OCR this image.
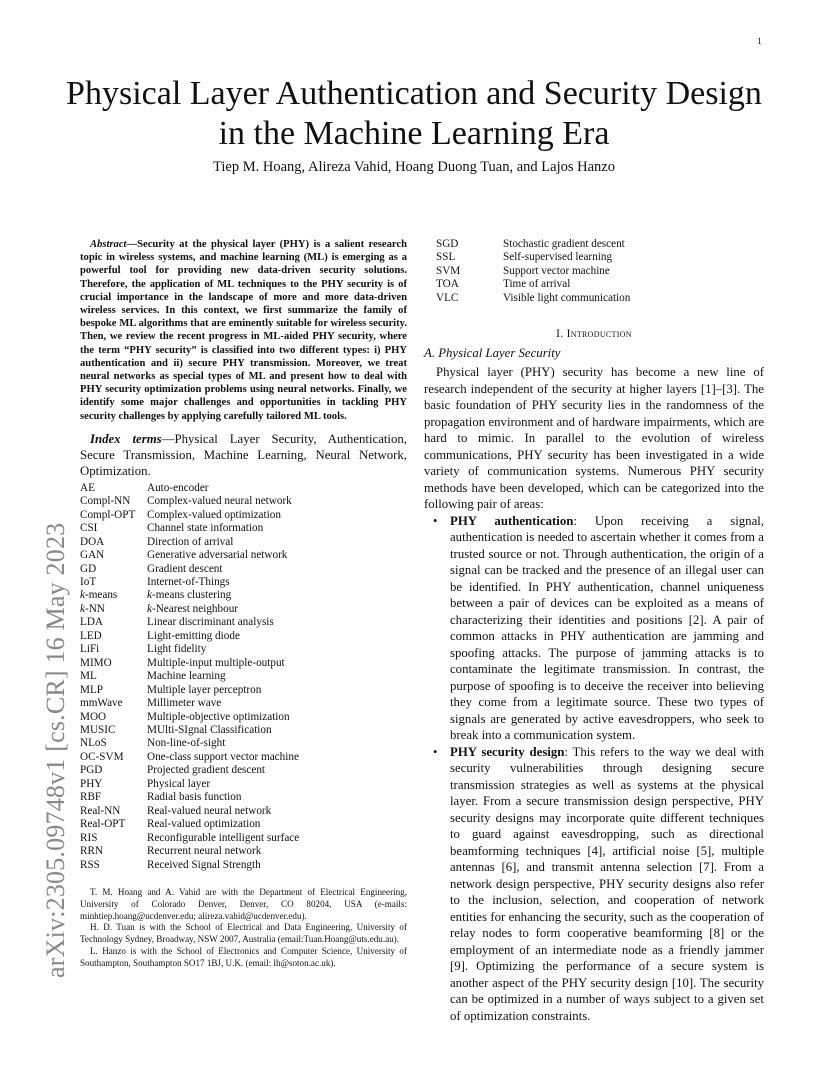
1
arXiv:2305.09748v1 [cs.CR] 16 May 2023
Physical Layer Authentication and Security Design
in the Machine Learning Era
Tiep M. Hoang, Alireza Vahid, Hoang Duong Tuan, and Lajos Hanzo

Abstract—Security at the physical layer (PHY) is a salient research topic in wireless systems, and machine learning (ML) is emerging as a powerful tool for providing new data-driven security solutions. Therefore, the application of ML techniques to the PHY security is of crucial importance in the landscape of more and more data-driven wireless services. In this context, we first summarize the family of bespoke ML algorithms that are eminently suitable for wireless security. Then, we review the recent progress in ML-aided PHY security, where the term “PHY security” is classified into two different types: i) PHY authentication and ii) secure PHY transmission. Moreover, we treat neural networks as special types of ML and present how to deal with PHY security optimization problems using neural networks. Finally, we identify some major challenges and opportunities in tackling PHY security challenges by applying carefully tailored ML tools.

Index terms—Physical Layer Security, Authentication, Secure Transmission, Machine Learning, Neural Network, Optimization.

AE	Auto-encoder
Compl-NN	Complex-valued neural network
Compl-OPT	Complex-valued optimization
CSI	Channel state information
DOA	Direction of arrival
GAN	Generative adversarial network
GD	Gradient descent
IoT	Internet-of-Things
k-means	k-means clustering
k-NN	k-Nearest neighbour
LDA	Linear discriminant analysis
LED	Light-emitting diode
LiFi	Light fidelity
MIMO	Multiple-input multiple-output
ML	Machine learning
MLP	Multiple layer perceptron
mmWave	Millimeter wave
MOO	Multiple-objective optimization
MUSIC	MUlti-SIgnal Classification
NLoS	Non-line-of-sight
OC-SVM	One-class support vector machine
PGD	Projected gradient descent
PHY	Physical layer
RBF	Radial basis function
Real-NN	Real-valued neural network
Real-OPT	Real-valued optimization
RIS	Reconfigurable intelligent surface
RRN	Recurrent neural network
RSS	Received Signal Strength

T. M. Hoang and A. Vahid are with the Department of Electrical Engineering, University of Colorado Denver, Denver, CO 80204, USA (e-mails: minhtiep.hoang@ucdenver.edu; alireza.vahid@ucdenver.edu).

H. D. Tuan is with the School of Electrical and Data Engineering, University of Technology Sydney, Broadway, NSW 2007, Australia (email:Tuan.Hoang@uts.edu.au).

L. Hanzo is with the School of Electronics and Computer Science, University of Southampton, Southampton SO17 1BJ, U.K. (email: lh@soton.ac.uk).

SGD	Stochastic gradient descent
SSL	Self-supervised learning
SVM	Support vector machine
TOA	Time of arrival
VLC	Visible light communication
I. Introduction
A. Physical Layer Security

Physical layer (PHY) security has become a new line of research independent of the security at higher layers [1]–[3]. The basic foundation of PHY security lies in the randomness of the propagation environment and of hardware impairments, which are hard to mimic. In parallel to the evolution of wireless communications, PHY security has been investigated in a wide variety of communication systems. Numerous PHY security methods have been developed, which can be categorized into the following pair of areas:

• PHY authentication: Upon receiving a signal, authentication is needed to ascertain whether it comes from a trusted source or not. Through authentication, the origin of a signal can be tracked and the presence of an illegal user can be identified. In PHY authentication, channel uniqueness between a pair of devices can be exploited as a means of characterizing their identities and positions [2]. A pair of common attacks in PHY authentication are jamming and spoofing attacks. The purpose of jamming attacks is to contaminate the legitimate transmission. In contrast, the purpose of spoofing is to deceive the receiver into believing they come from a legitimate source. These two types of signals are generated by active eavesdroppers, who seek to break into a communication system.
• PHY security design: This refers to the way we deal with security vulnerabilities through designing secure transmission strategies as well as systems at the physical layer. From a secure transmission design perspective, PHY security designs may incorporate quite different techniques to guard against eavesdropping, such as directional beamforming techniques [4], artificial noise [5], multiple antennas [6], and transmit antenna selection [7]. From a network design perspective, PHY security designs also refer to the inclusion, selection, and cooperation of network entities for enhancing the security, such as the cooperation of relay nodes to form cooperative beamforming [8] or the employment of an intermediate node as a friendly jammer [9]. Optimizing the performance of a secure system is another aspect of the PHY security design [10]. The security can be optimized in a number of ways subject to a given set of optimization constraints.
